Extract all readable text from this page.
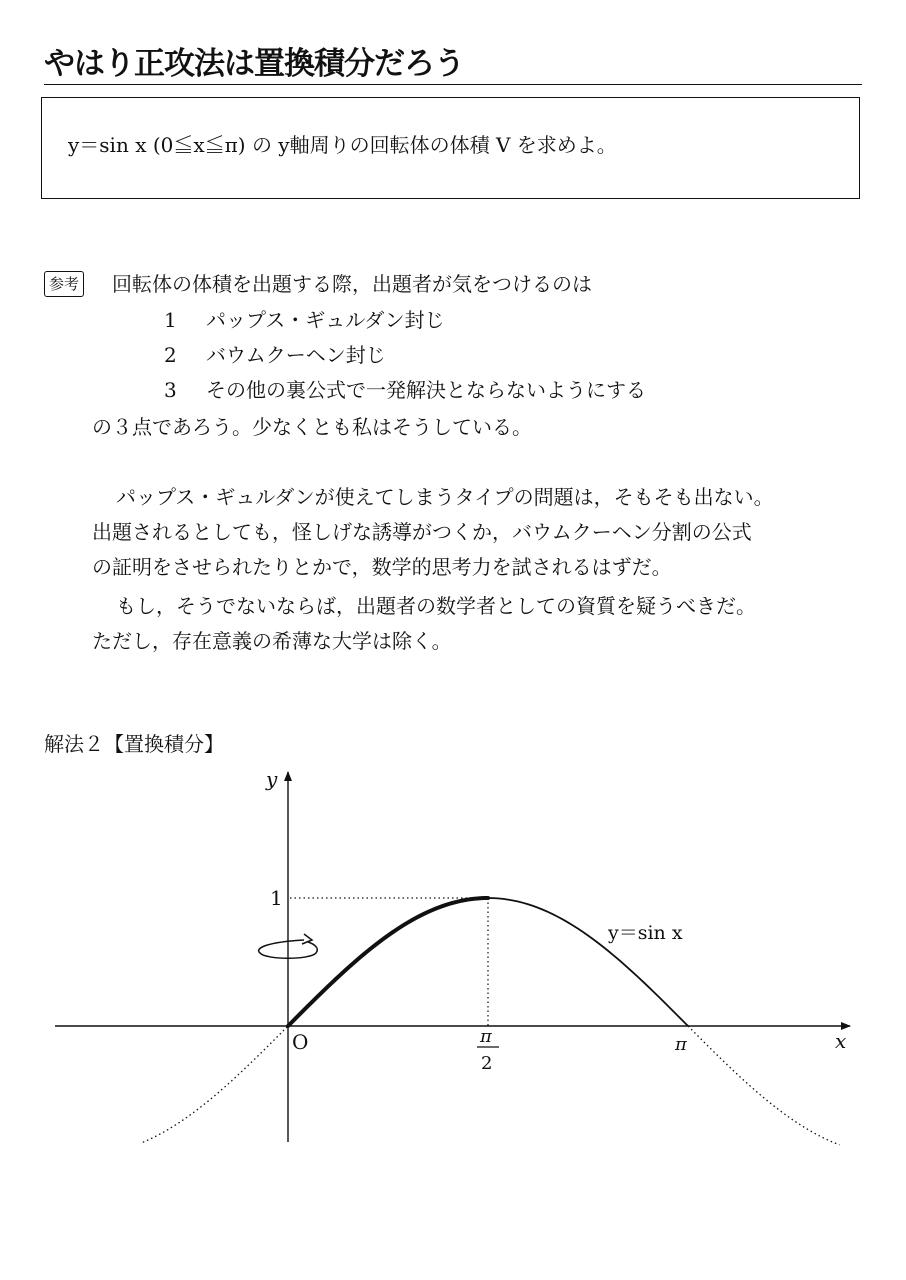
やはり正攻法は置換積分だろう
y＝sin x (0≦x≦π) の y軸周りの回転体の体積 V を求めよ。
参考 回転体の体積を出題する際，出題者が気をつけるのは
1 パップス・ギュルダン封じ
2 バウムクーヘン封じ
3 その他の裏公式で一発解決とならないようにする
の３点であろう。少なくとも私はそうしている。
パップス・ギュルダンが使えてしまうタイプの問題は，そもそも出ない。
出題されるとしても，怪しげな誘導がつくか，バウムクーヘン分割の公式
の証明をさせられたりとかで，数学的思考力を試されるはずだ。
もし，そうでないならば，出題者の数学者としての資質を疑うべきだ。
ただし，存在意義の希薄な大学は除く。
解法２【置換積分】
y
x
O
1
π
2
π
y＝sin x
